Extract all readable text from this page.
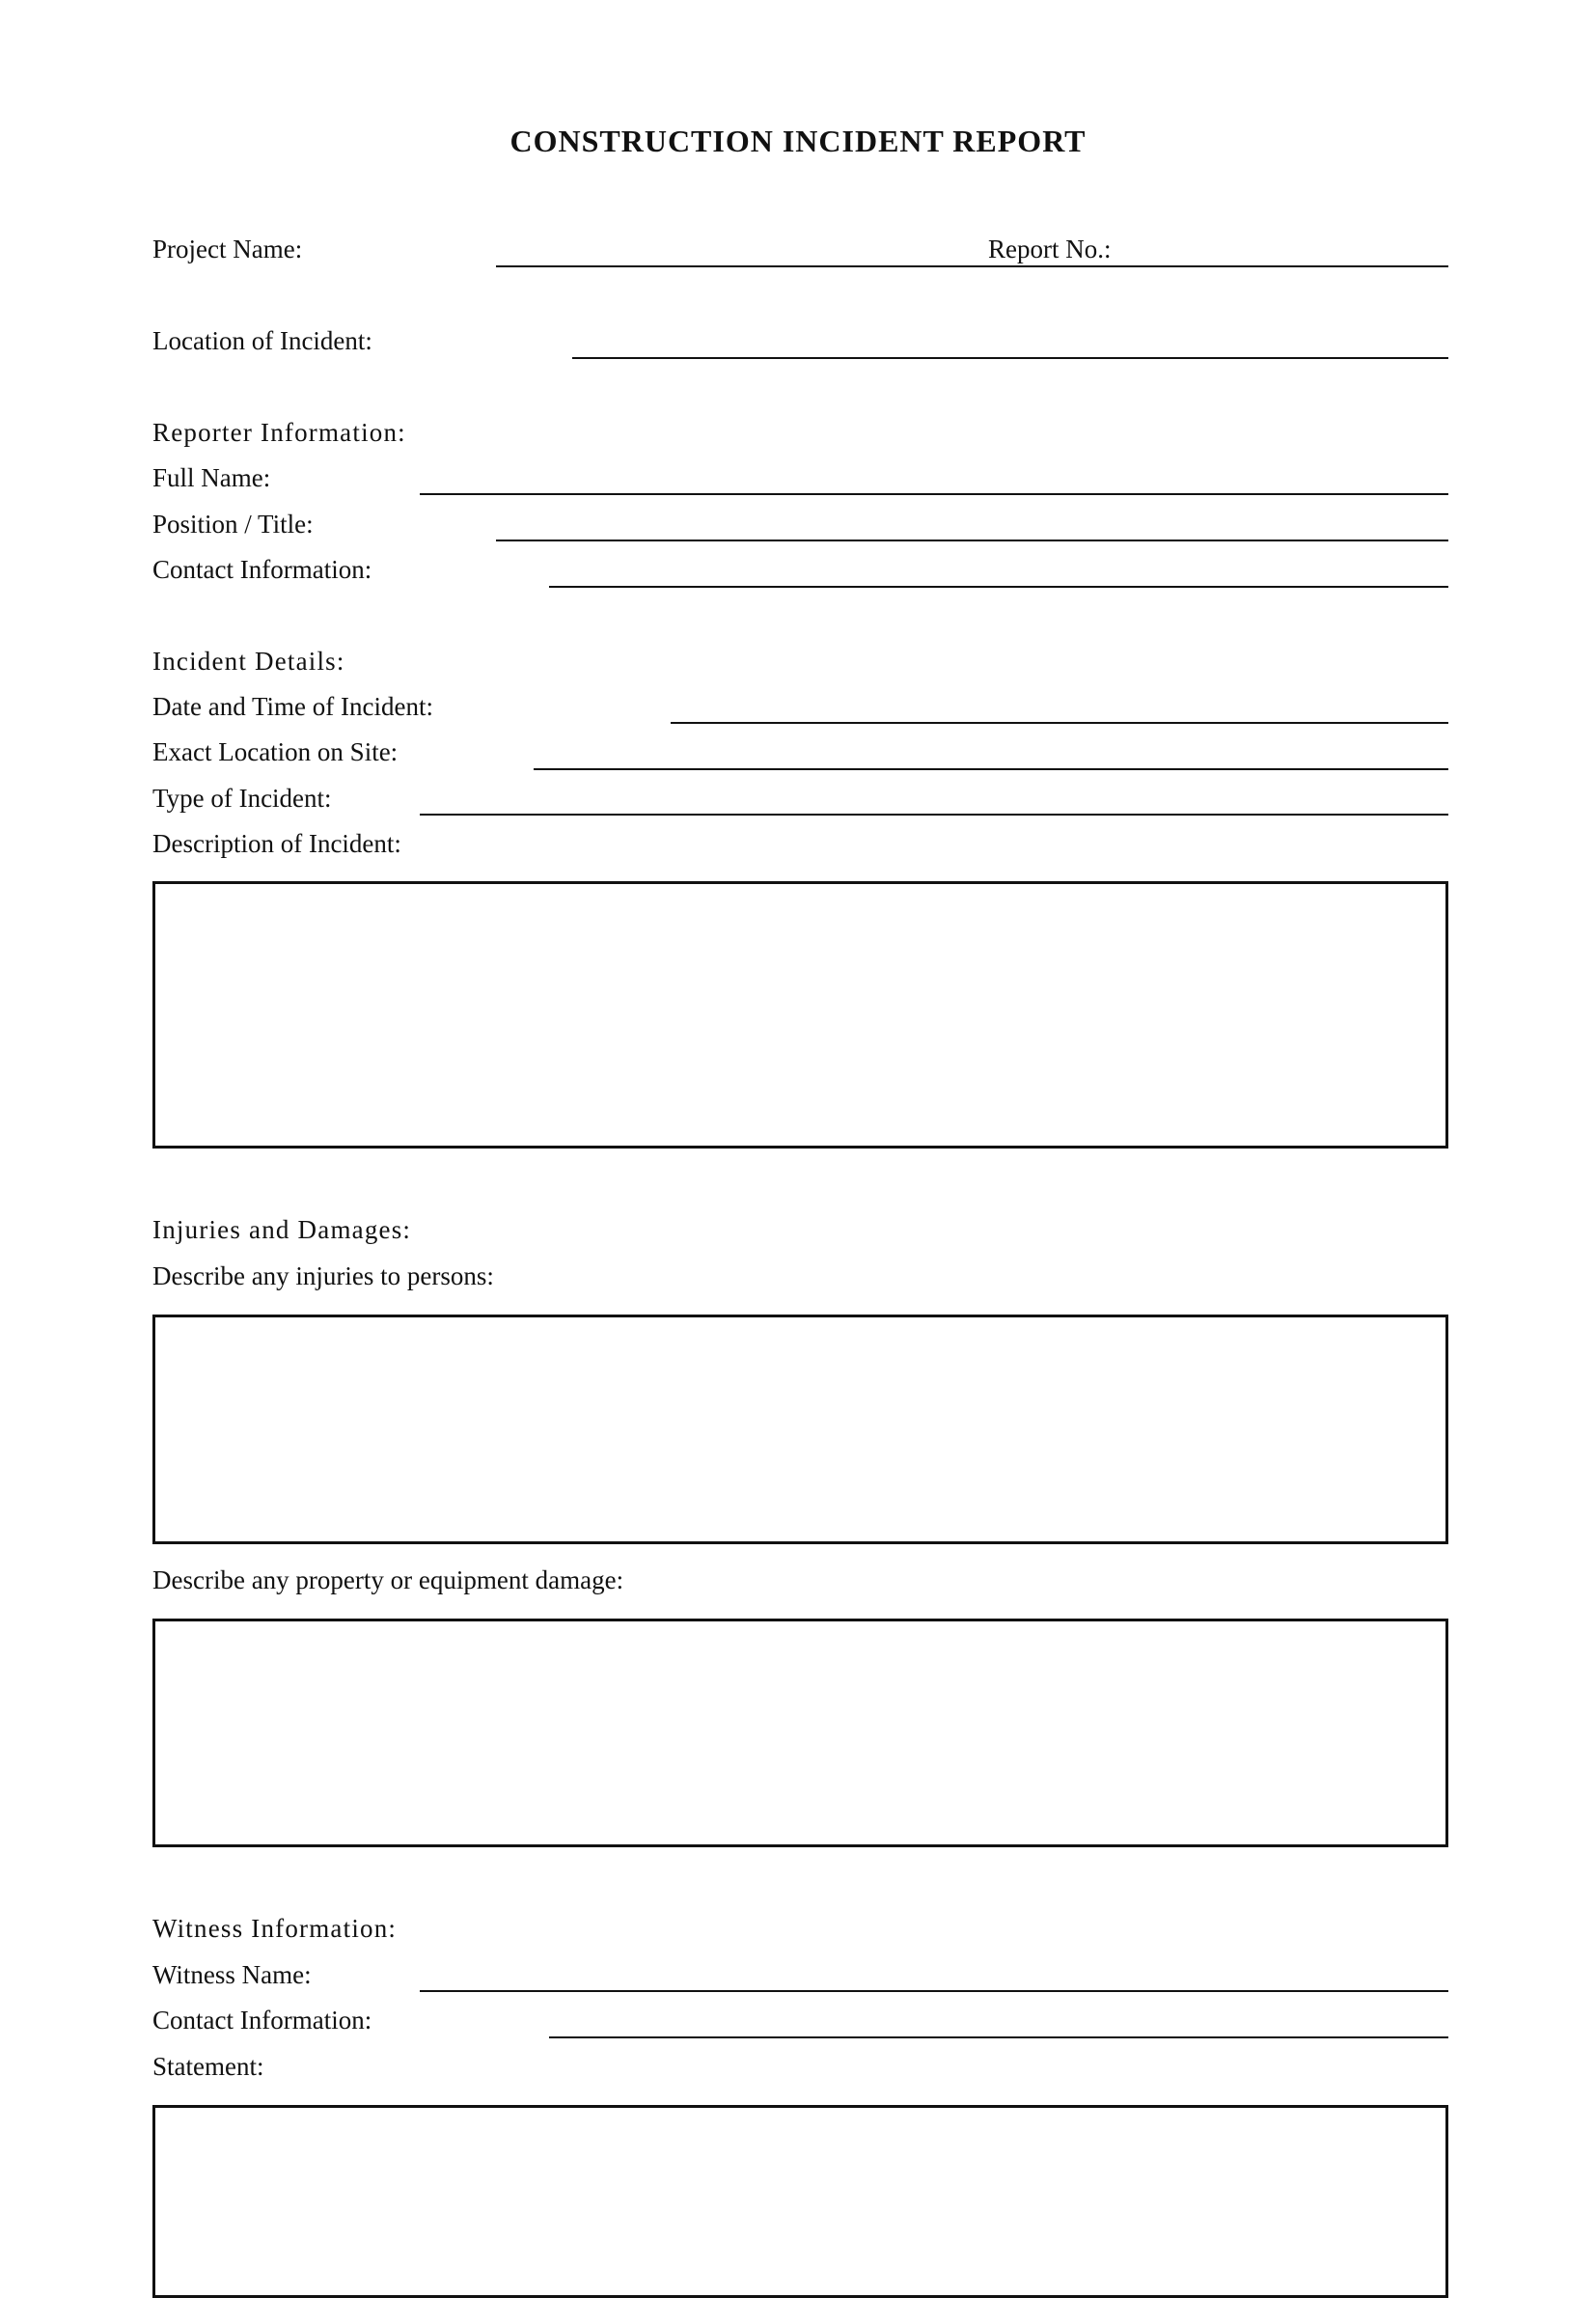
CONSTRUCTION INCIDENT REPORT
Project Name:	Report No.:
Location of Incident:
Reporter Information:
Full Name:
Position / Title:
Contact Information:
Incident Details:
Date and Time of Incident:
Exact Location on Site:
Type of Incident:
Description of Incident:
Injuries and Damages:
Describe any injuries to persons:
Describe any property or equipment damage:
Witness Information:
Witness Name:
Contact Information:
Statement:
